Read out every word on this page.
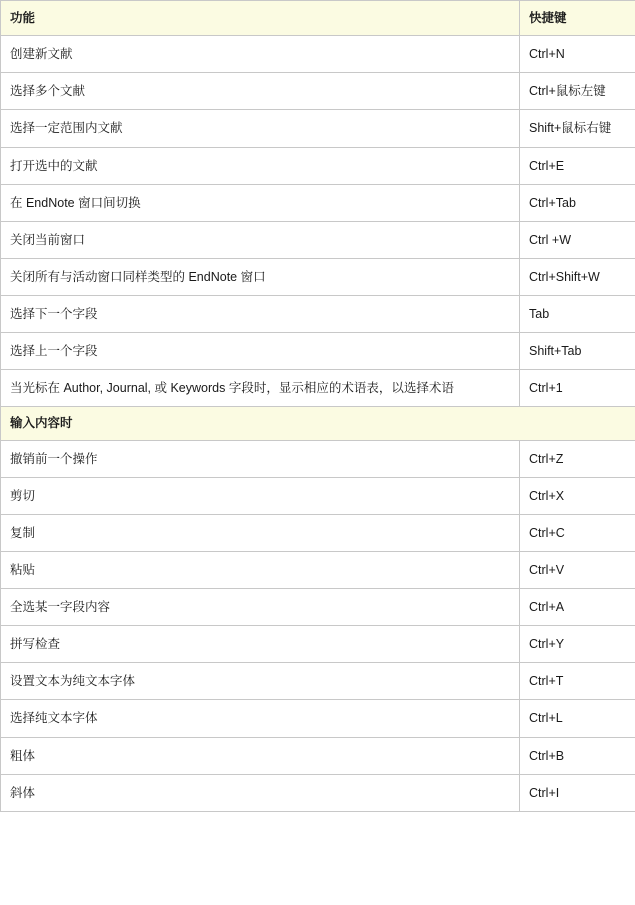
功能	快捷键
创建新文献	Ctrl+N
选择多个文献	Ctrl+鼠标左键
选择一定范围内文献	Shift+鼠标右键
打开选中的文献	Ctrl+E
在 EndNote 窗口间切换	Ctrl+Tab
关闭当前窗口	Ctrl +W
关闭所有与活动窗口同样类型的 EndNote 窗口	Ctrl+Shift+W
选择下一个字段	Tab
选择上一个字段	Shift+Tab
当光标在 Author, Journal, 或 Keywords 字段时，显示相应的术语表，以选择术语	Ctrl+1
输入内容时	
撤销前一个操作	Ctrl+Z
剪切	Ctrl+X
复制	Ctrl+C
粘贴	Ctrl+V
全选某一字段内容	Ctrl+A
拼写检查	Ctrl+Y
设置文本为纯文本字体	Ctrl+T
选择纯文本字体	Ctrl+L
粗体	Ctrl+B
斜体	Ctrl+I
